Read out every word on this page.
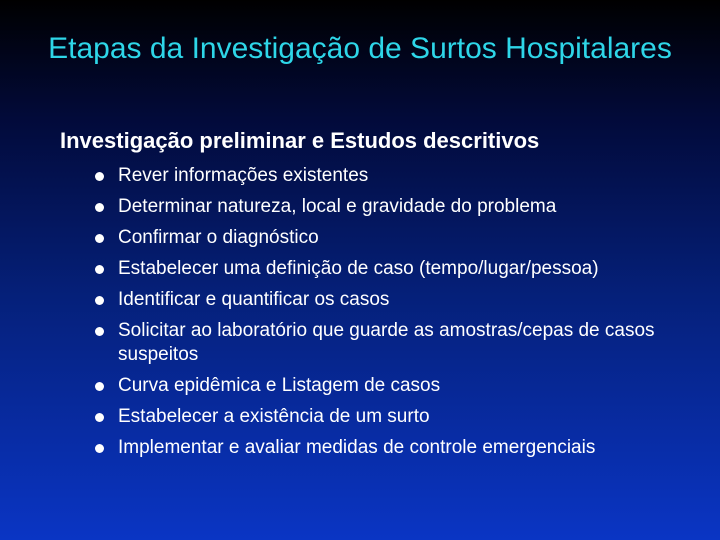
Etapas da Investigação de Surtos Hospitalares

Investigação preliminar e Estudos descritivos

Rever informações existentes
Determinar natureza, local e gravidade do problema
Confirmar o diagnóstico
Estabelecer uma definição de caso (tempo/lugar/pessoa)
Identificar e quantificar os casos
Solicitar ao laboratório que guarde as amostras/cepas de casos suspeitos
Curva epidêmica e Listagem de casos
Estabelecer a existência de um surto
Implementar e avaliar medidas de controle emergenciais
